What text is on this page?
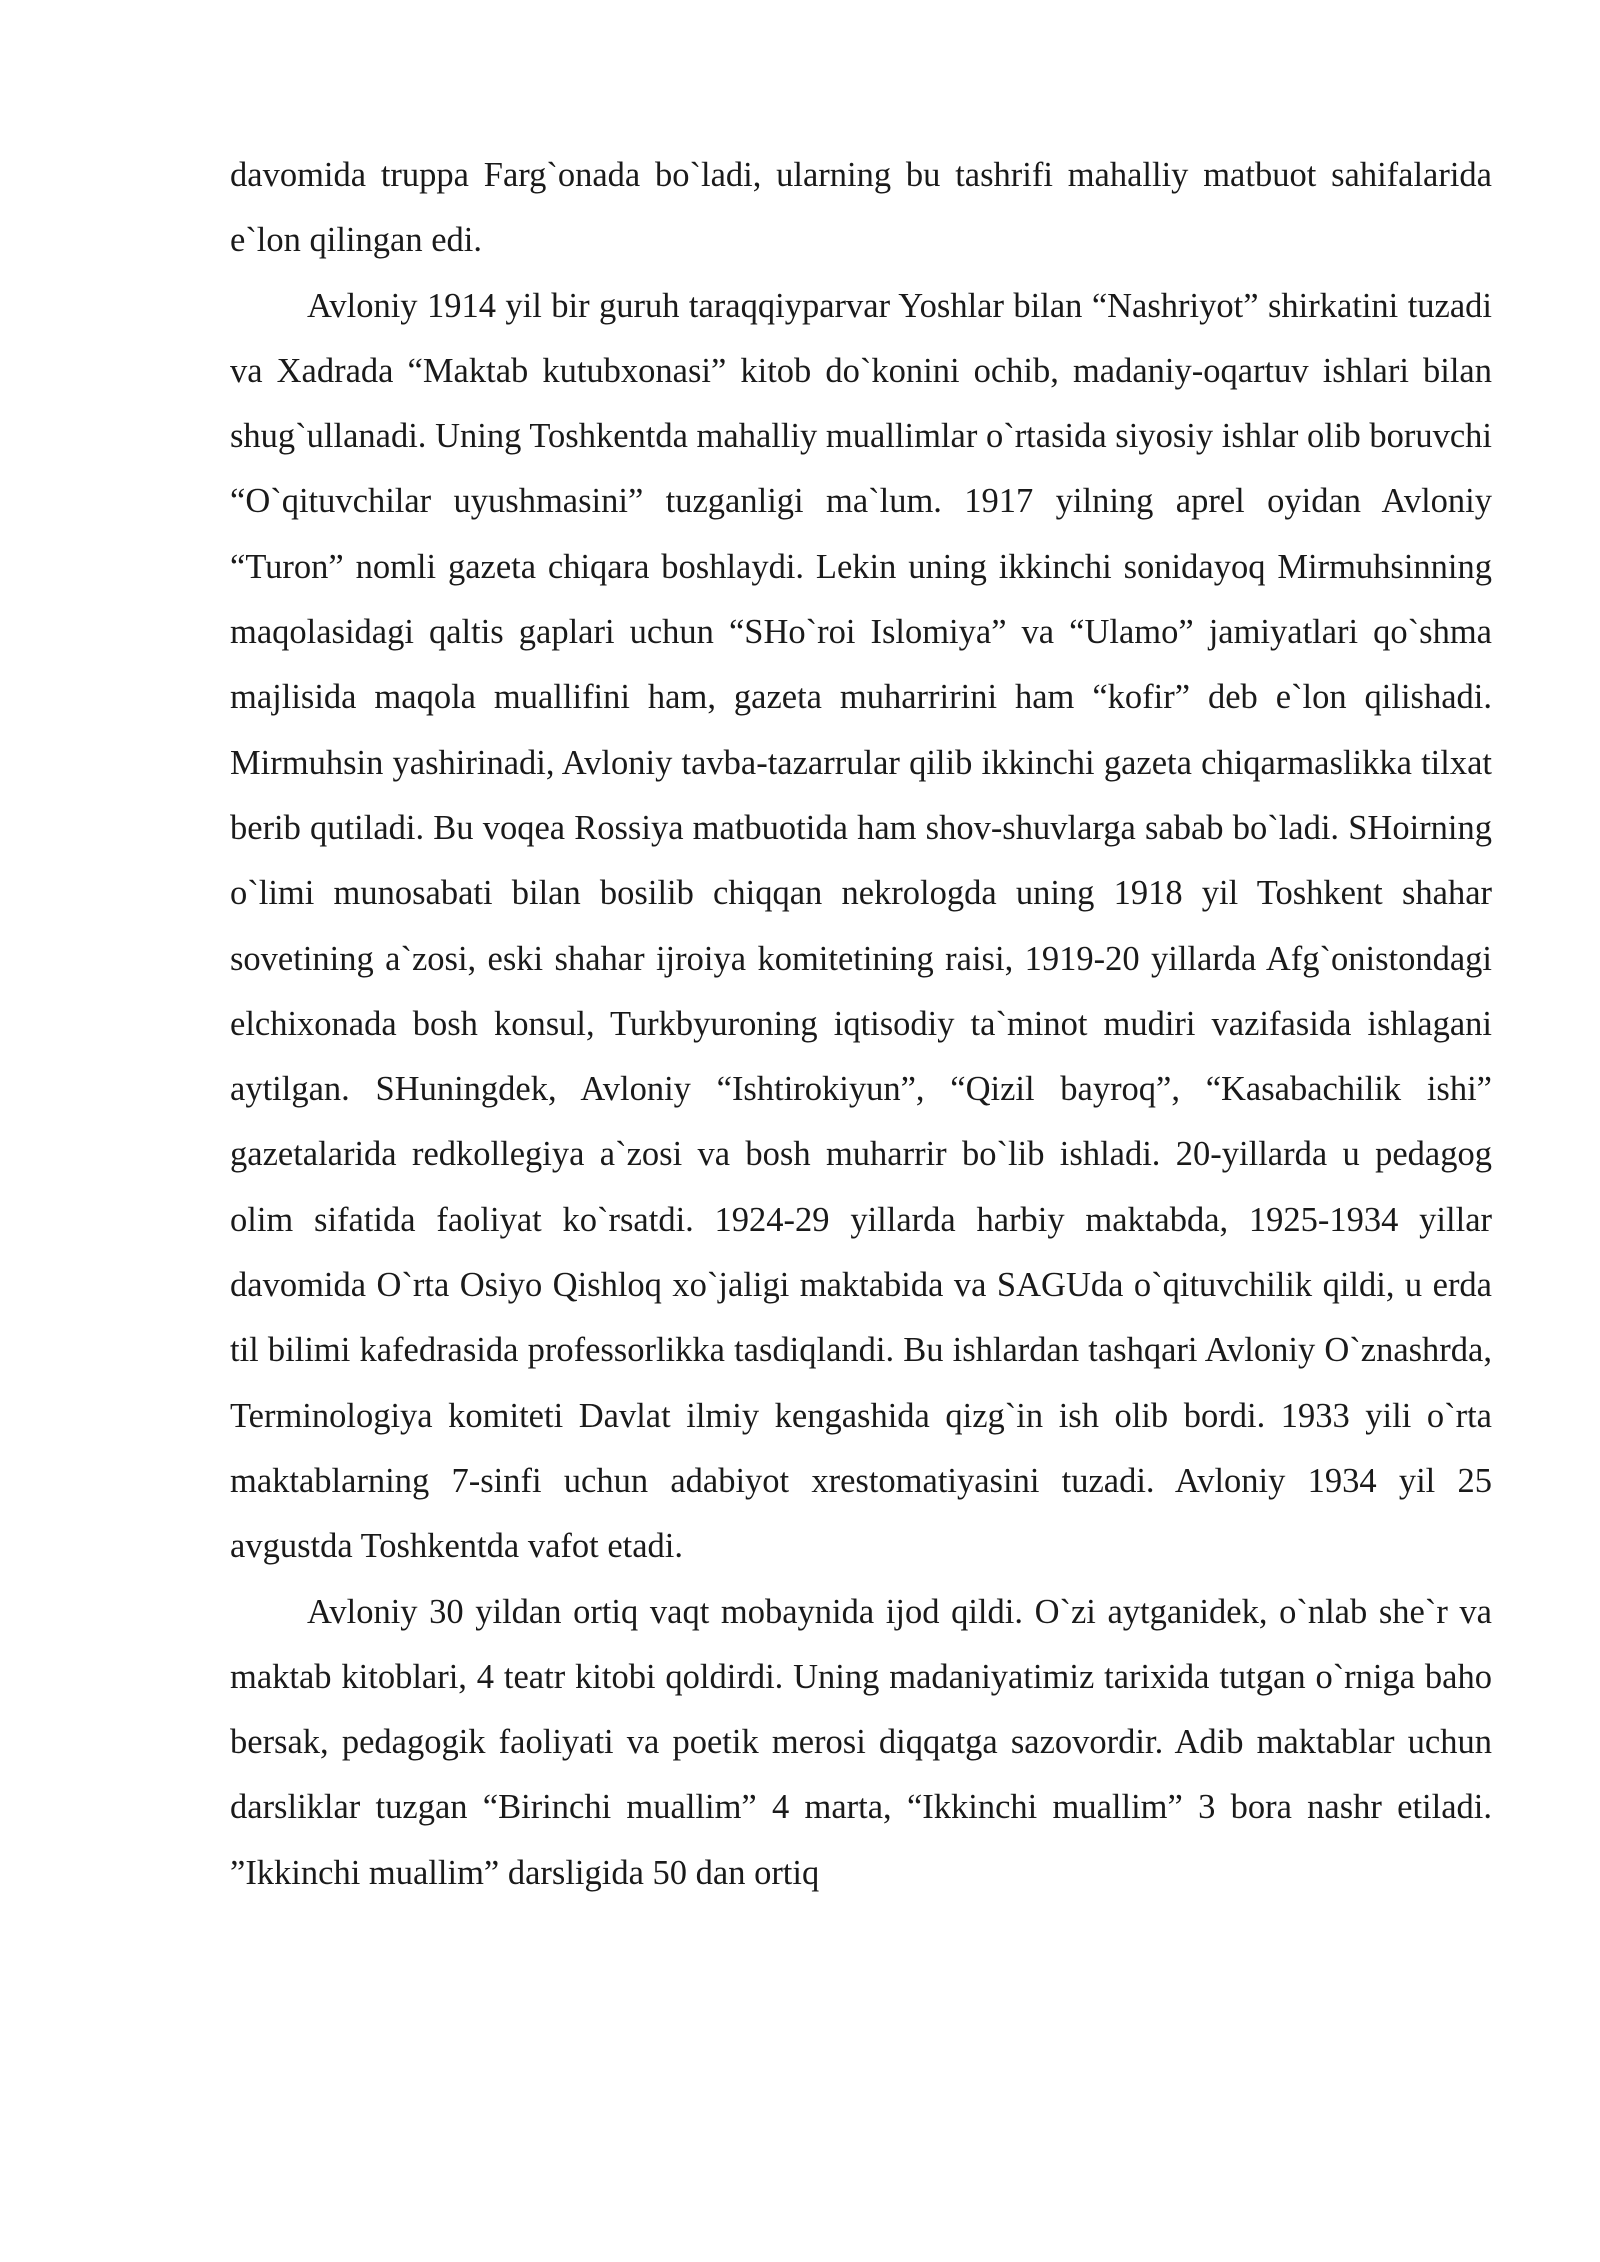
davomida truppa Farg`onada bo`ladi, ularning bu tashrifi mahalliy matbuot sahifalarida e`lon qilingan edi.

Avloniy 1914 yil bir guruh taraqqiyparvar Yoshlar bilan “Nashriyot” shirkatini tuzadi va Xadrada “Maktab kutubxonasi” kitob do`konini ochib, madaniy-oqartuv ishlari bilan shug`ullanadi. Uning Toshkentda mahalliy muallimlar o`rtasida siyosiy ishlar olib boruvchi “O`qituvchilar uyushmasini” tuzganligi ma`lum. 1917 yilning aprel oyidan Avloniy “Turon” nomli gazeta chiqara boshlaydi. Lekin uning ikkinchi sonidayoq Mirmuhsinning maqolasidagi qaltis gaplari uchun “SHo`roi Islomiya” va “Ulamo” jamiyatlari qo`shma majlisida maqola muallifini ham, gazeta muharririni ham “kofir” deb e`lon qilishadi. Mirmuhsin yashirinadi, Avloniy tavba-tazarrular qilib ikkinchi gazeta chiqarmaslikka tilxat berib qutiladi. Bu voqea Rossiya matbuotida ham shov-shuvlarga sabab bo`ladi. SHoirning o`limi munosabati bilan bosilib chiqqan nekrologda uning 1918 yil Toshkent shahar sovetining a`zosi, eski shahar ijroiya komitetining raisi, 1919-20 yillarda Afg`onistondagi elchixonada bosh konsul, Turkbyuroning iqtisodiy ta`minot mudiri vazifasida ishlagani aytilgan. SHuningdek, Avloniy “Ishtirokiyun”, “Qizil bayroq”, “Kasabachilik ishi” gazetalarida redkollegiya a`zosi va bosh muharrir bo`lib ishladi. 20-yillarda u pedagog olim sifatida faoliyat ko`rsatdi. 1924-29 yillarda harbiy maktabda, 1925-1934 yillar davomida O`rta Osiyo Qishloq xo`jaligi maktabida va SAGUda o`qituvchilik qildi, u erda til bilimi kafedrasida professorlikka tasdiqlandi. Bu ishlardan tashqari Avloniy O`znashrda, Terminologiya komiteti Davlat ilmiy kengashida qizg`in ish olib bordi. 1933 yili o`rta maktablarning 7-sinfi uchun adabiyot xrestomatiyasini tuzadi. Avloniy 1934 yil 25 avgustda Toshkentda vafot etadi.

Avloniy 30 yildan ortiq vaqt mobaynida ijod qildi. O`zi aytganidek, o`nlab she`r va maktab kitoblari, 4 teatr kitobi qoldirdi. Uning madaniyatimiz tarixida tutgan o`rniga baho bersak, pedagogik faoliyati va poetik merosi diqqatga sazovordir. Adib maktablar uchun darsliklar tuzgan “Birinchi muallim” 4 marta, “Ikkinchi muallim” 3 bora nashr etiladi. ”Ikkinchi muallim” darsligida 50 dan ortiq
